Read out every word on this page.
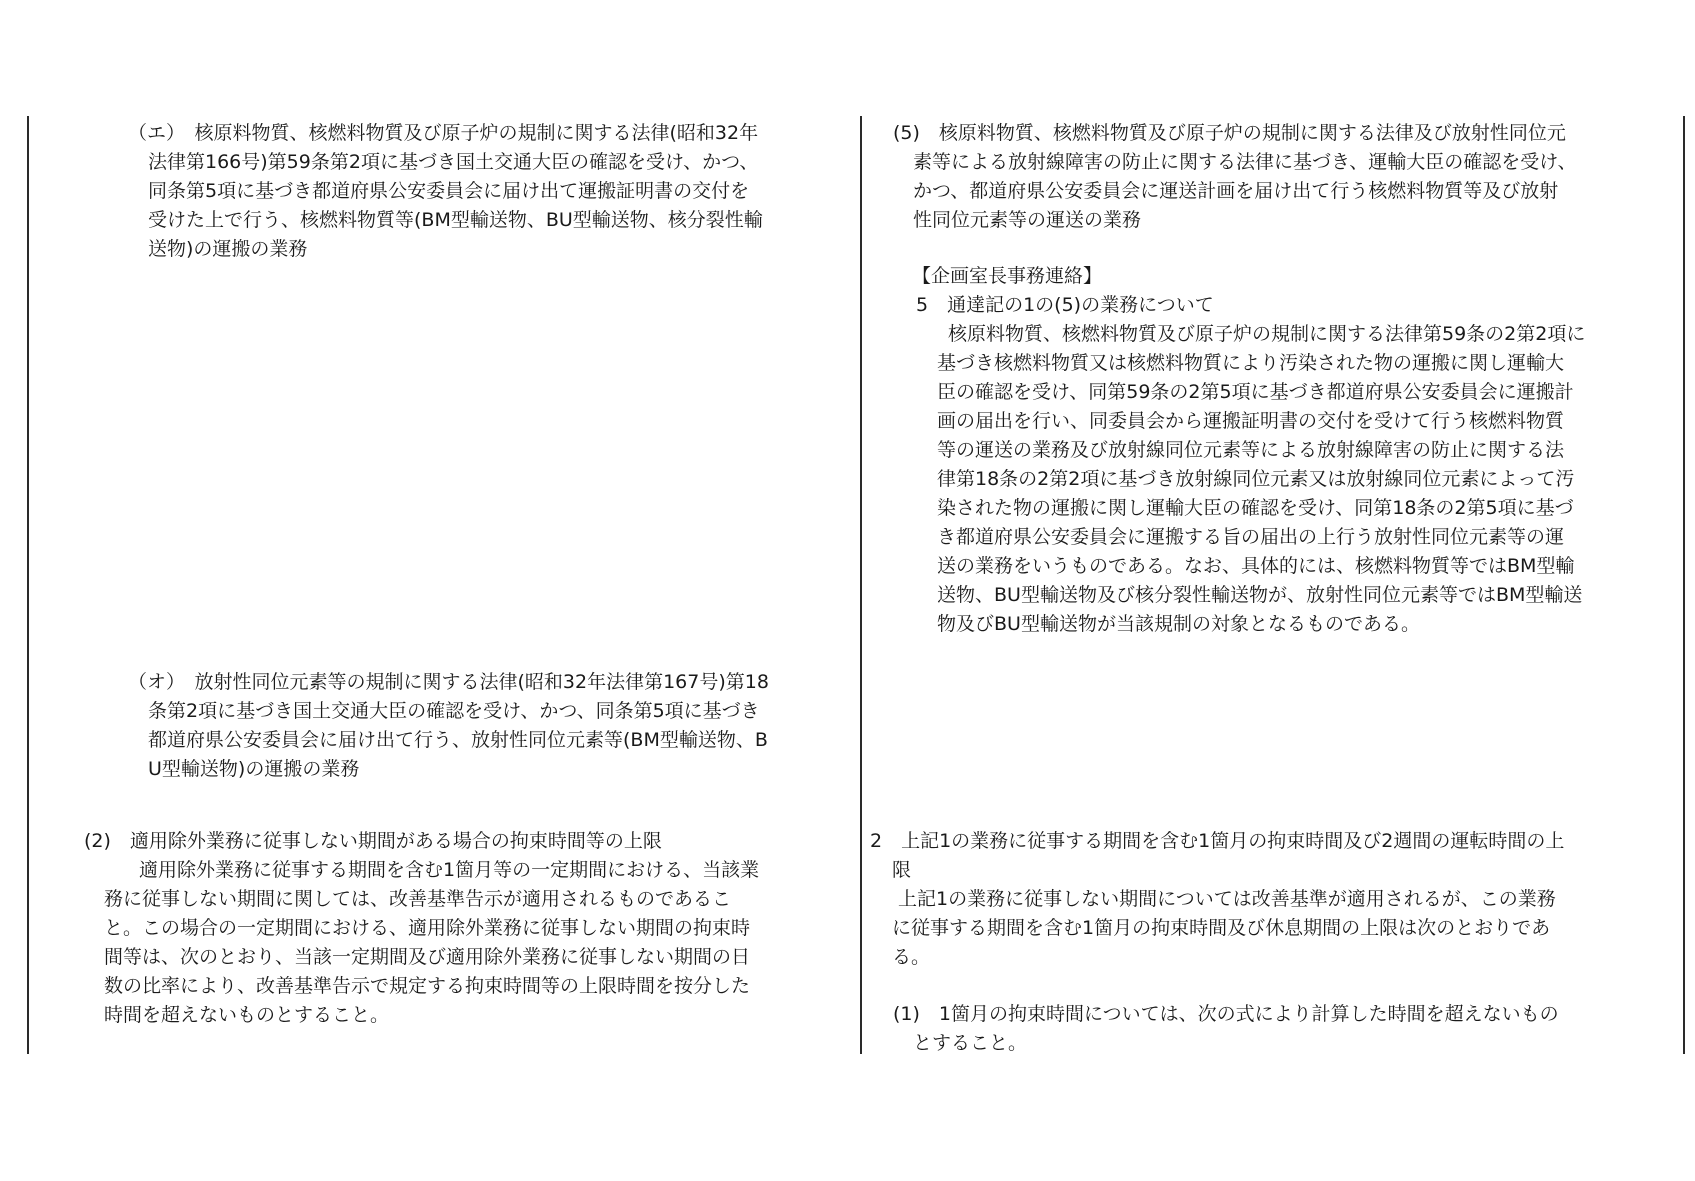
（エ）　核原料物質、核燃料物質及び原子炉の規制に関する法律(昭和32年
法律第166号)第59条第2項に基づき国土交通大臣の確認を受け、かつ、
同条第5項に基づき都道府県公安委員会に届け出て運搬証明書の交付を
受けた上で行う、核燃料物質等(BM型輸送物、BU型輸送物、核分裂性輸
送物)の運搬の業務
（オ）　放射性同位元素等の規制に関する法律(昭和32年法律第167号)第18
条第2項に基づき国土交通大臣の確認を受け、かつ、同条第5項に基づき
都道府県公安委員会に届け出て行う、放射性同位元素等(BM型輸送物、B
U型輸送物)の運搬の業務
(2)　適用除外業務に従事しない期間がある場合の拘束時間等の上限
適用除外業務に従事する期間を含む1箇月等の一定期間における、当該業
務に従事しない期間に関しては、改善基準告示が適用されるものであるこ
と。この場合の一定期間における、適用除外業務に従事しない期間の拘束時
間等は、次のとおり、当該一定期間及び適用除外業務に従事しない期間の日
数の比率により、改善基準告示で規定する拘束時間等の上限時間を按分した
時間を超えないものとすること。
(5)　核原料物質、核燃料物質及び原子炉の規制に関する法律及び放射性同位元
素等による放射線障害の防止に関する法律に基づき、運輸大臣の確認を受け、
かつ、都道府県公安委員会に運送計画を届け出て行う核燃料物質等及び放射
性同位元素等の運送の業務
【企画室長事務連絡】
5　通達記の1の(5)の業務について
核原料物質、核燃料物質及び原子炉の規制に関する法律第59条の2第2項に
基づき核燃料物質又は核燃料物質により汚染された物の運搬に関し運輸大
臣の確認を受け、同第59条の2第5項に基づき都道府県公安委員会に運搬計
画の届出を行い、同委員会から運搬証明書の交付を受けて行う核燃料物質
等の運送の業務及び放射線同位元素等による放射線障害の防止に関する法
律第18条の2第2項に基づき放射線同位元素又は放射線同位元素によって汚
染された物の運搬に関し運輸大臣の確認を受け、同第18条の2第5項に基づ
き都道府県公安委員会に運搬する旨の届出の上行う放射性同位元素等の運
送の業務をいうものである。なお、具体的には、核燃料物質等ではBM型輸
送物、BU型輸送物及び核分裂性輸送物が、放射性同位元素等ではBM型輸送
物及びBU型輸送物が当該規制の対象となるものである。
2　上記1の業務に従事する期間を含む1箇月の拘束時間及び2週間の運転時間の上
限
上記1の業務に従事しない期間については改善基準が適用されるが、この業務
に従事する期間を含む1箇月の拘束時間及び休息期間の上限は次のとおりであ
る。
(1)　1箇月の拘束時間については、次の式により計算した時間を超えないもの
とすること。
